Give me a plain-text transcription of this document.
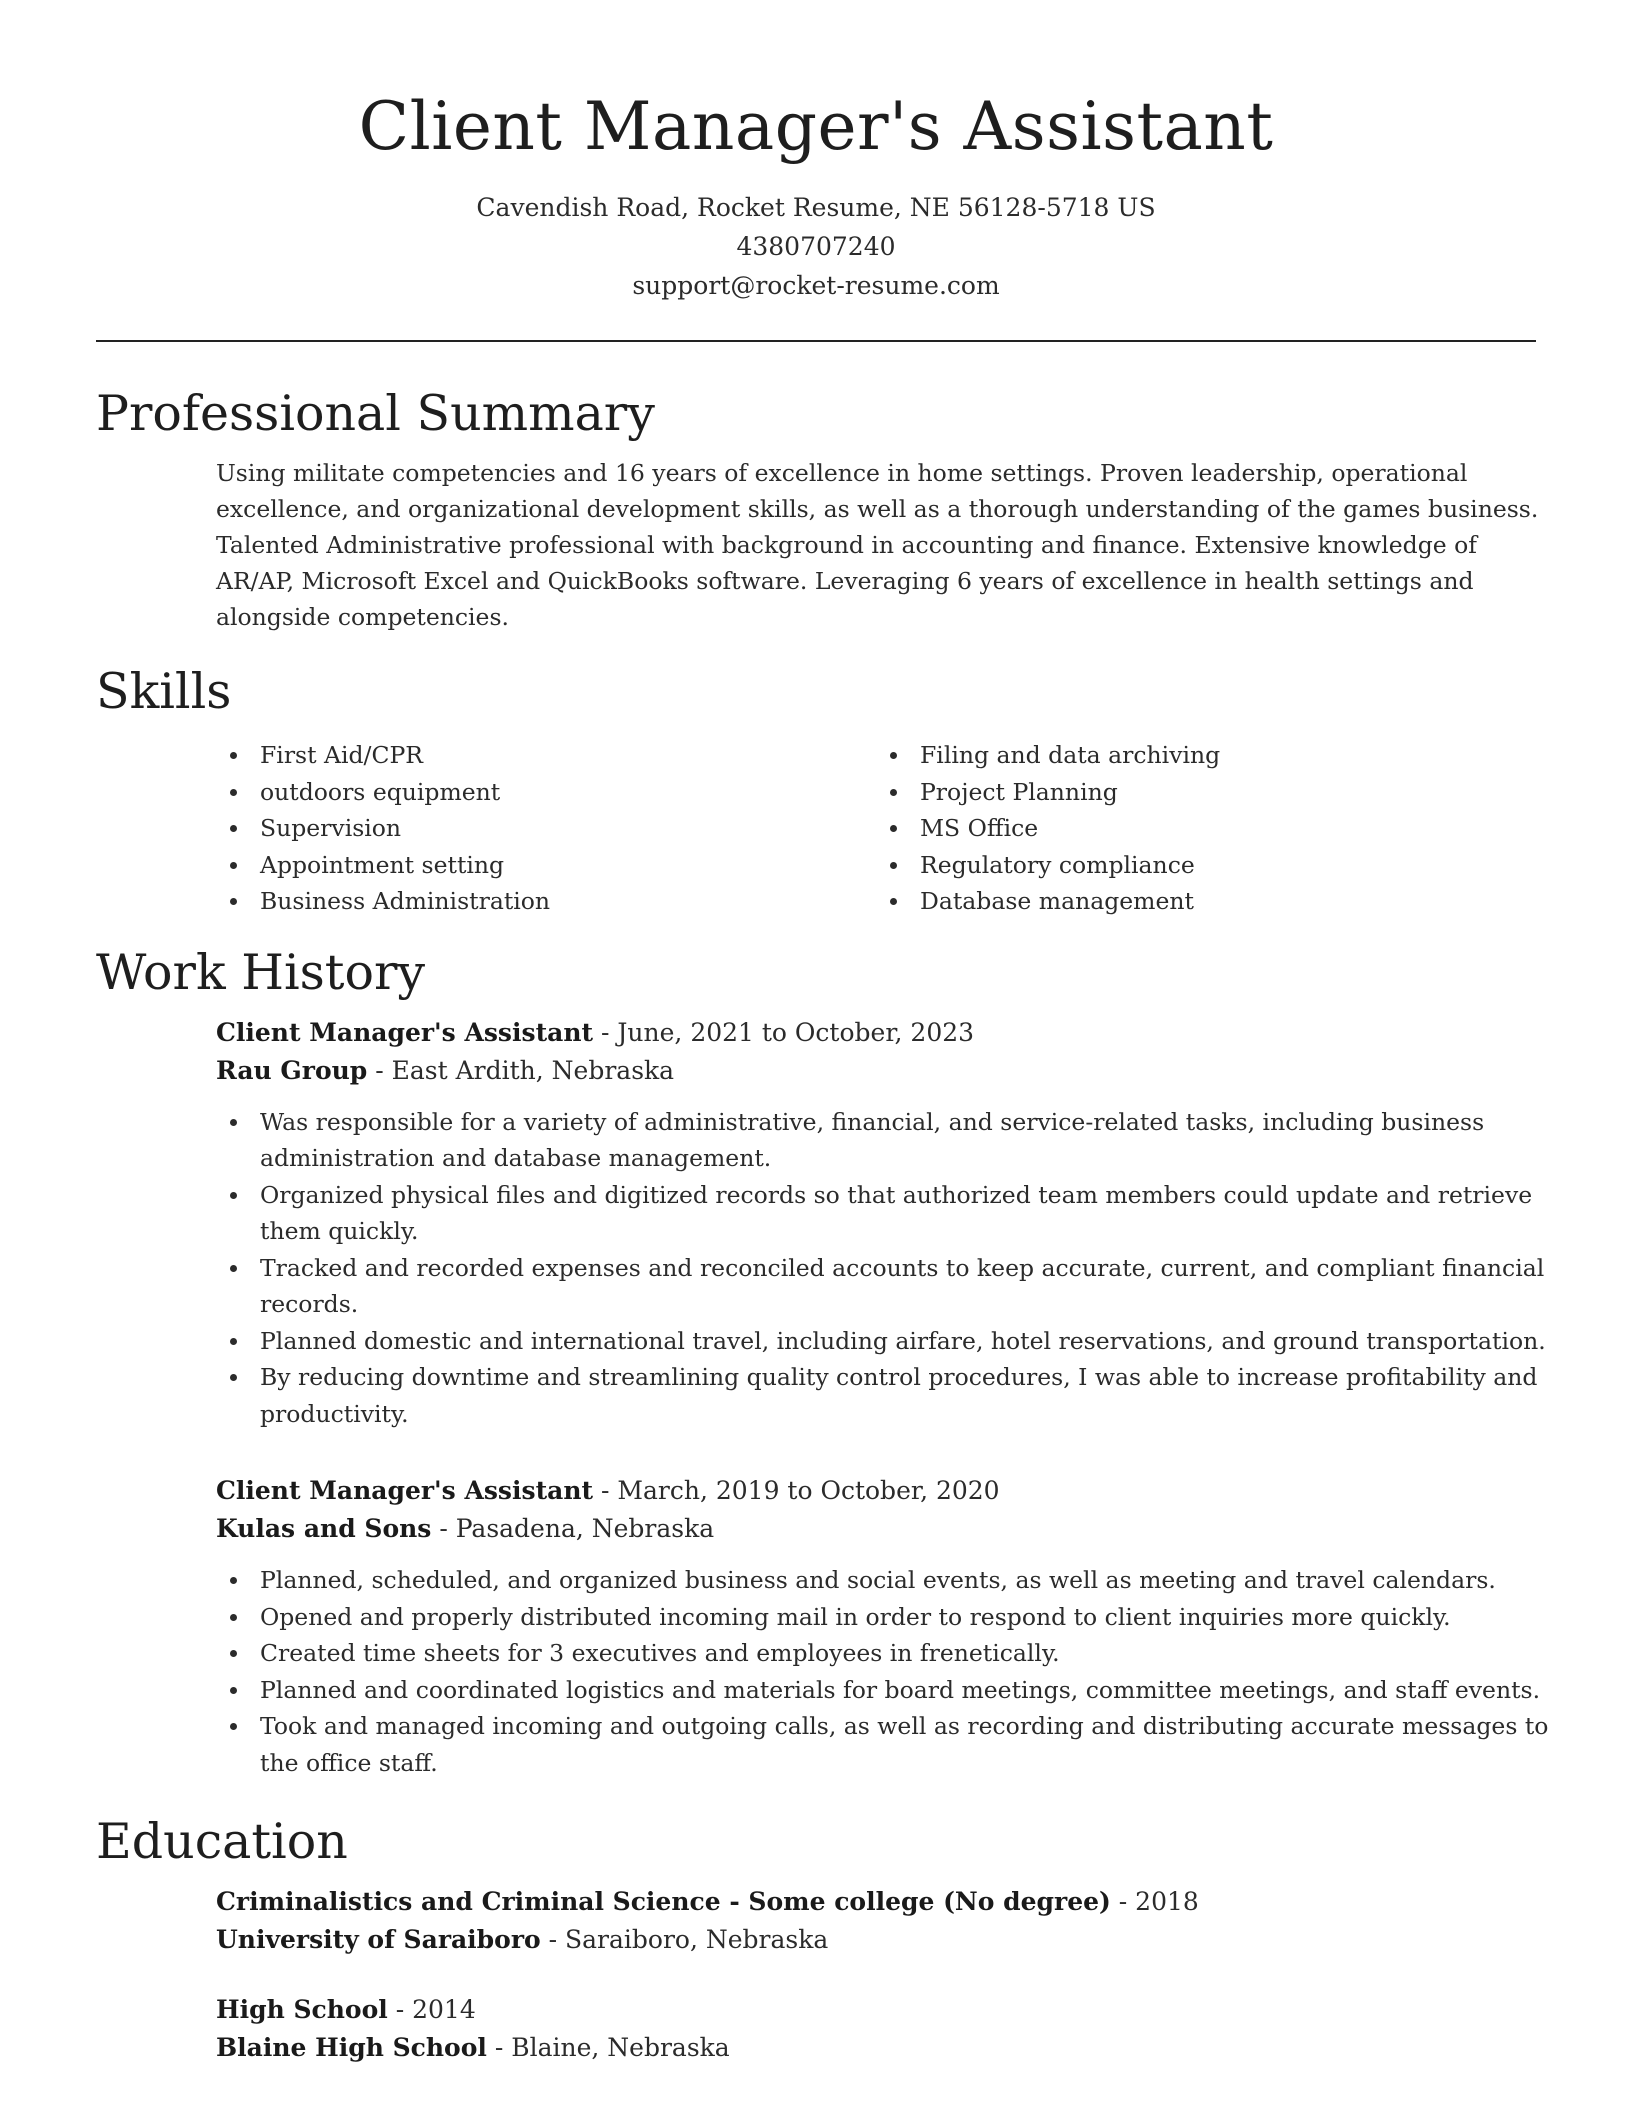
Client Manager's Assistant
Cavendish Road, Rocket Resume, NE 56128-5718 US
4380707240
support@rocket-resume.com
Professional Summary
Using militate competencies and 16 years of excellence in home settings. Proven leadership, operational excellence, and organizational development skills, as well as a thorough understanding of the games business. Talented Administrative professional with background in accounting and finance. Extensive knowledge of AR/AP, Microsoft Excel and QuickBooks software. Leveraging 6 years of excellence in health settings and alongside competencies.
Skills
First Aid/CPR
outdoors equipment
Supervision
Appointment setting
Business Administration
Filing and data archiving
Project Planning
MS Office
Regulatory compliance
Database management
Work History
Client Manager's Assistant - June, 2021 to October, 2023
Rau Group - East Ardith, Nebraska
Was responsible for a variety of administrative, financial, and service-related tasks, including business administration and database management.
Organized physical files and digitized records so that authorized team members could update and retrieve them quickly.
Tracked and recorded expenses and reconciled accounts to keep accurate, current, and compliant financial records.
Planned domestic and international travel, including airfare, hotel reservations, and ground transportation.
By reducing downtime and streamlining quality control procedures, I was able to increase profitability and productivity.
Client Manager's Assistant - March, 2019 to October, 2020
Kulas and Sons - Pasadena, Nebraska
Planned, scheduled, and organized business and social events, as well as meeting and travel calendars.
Opened and properly distributed incoming mail in order to respond to client inquiries more quickly.
Created time sheets for 3 executives and employees in frenetically.
Planned and coordinated logistics and materials for board meetings, committee meetings, and staff events.
Took and managed incoming and outgoing calls, as well as recording and distributing accurate messages to the office staff.
Education
Criminalistics and Criminal Science - Some college (No degree) - 2018
University of Saraiboro - Saraiboro, Nebraska
High School - 2014
Blaine High School - Blaine, Nebraska
